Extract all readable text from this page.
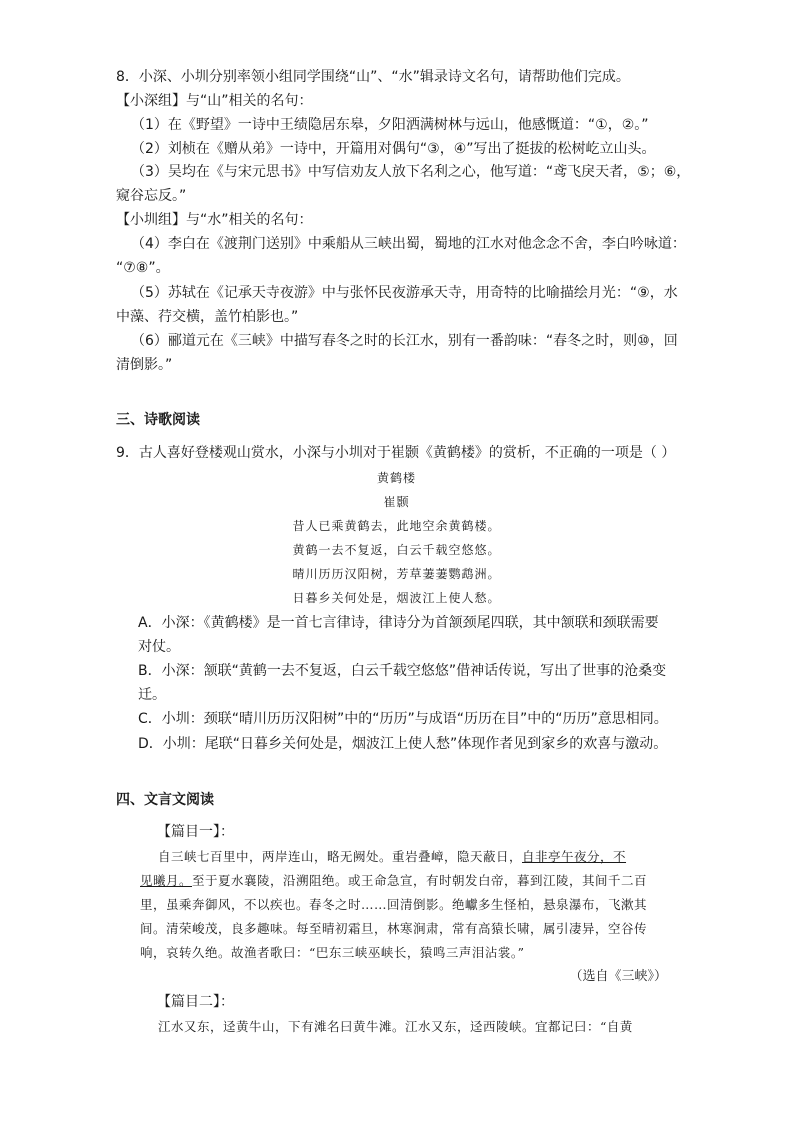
8．小深、小圳分别率领小组同学围绕“山”、“水”辑录诗文名句，请帮助他们完成。
【小深组】与“山”相关的名句：
（1）在《野望》一诗中王绩隐居东皋，夕阳洒满树林与远山，他感慨道：“①，②。”
（2）刘桢在《赠从弟》一诗中，开篇用对偶句“③，④”写出了挺拔的松树屹立山头。
（3）吴均在《与宋元思书》中写信劝友人放下名利之心，他写道：“鸢飞戾天者，⑤；⑥，
窥谷忘反。”
【小圳组】与“水”相关的名句：
（4）李白在《渡荆门送别》中乘船从三峡出蜀，蜀地的江水对他念念不舍，李白吟咏道：
“⑦⑧”。
（5）苏轼在《记承天寺夜游》中与张怀民夜游承天寺，用奇特的比喻描绘月光：“⑨，水
中藻、荇交横，盖竹柏影也。”
（6）郦道元在《三峡》中描写春冬之时的长江水，别有一番韵味：“春冬之时，则⑩，回
清倒影。”
三、诗歌阅读
9．古人喜好登楼观山赏水，小深与小圳对于崔颢《黄鹤楼》的赏析，不正确的一项是（ ）
黄鹤楼
崔颢
昔人已乘黄鹤去，此地空余黄鹤楼。
黄鹤一去不复返，白云千载空悠悠。
晴川历历汉阳树，芳草萋萋鹦鹉洲。
日暮乡关何处是，烟波江上使人愁。
A．小深：《黄鹤楼》是一首七言律诗，律诗分为首颔颈尾四联，其中颔联和颈联需要
对仗。
B．小深：颔联“黄鹤一去不复返，白云千载空悠悠”借神话传说，写出了世事的沧桑变
迁。
C．小圳：颈联“晴川历历汉阳树”中的“历历”与成语“历历在目”中的“历历”意思相同。
D．小圳：尾联“日暮乡关何处是，烟波江上使人愁”体现作者见到家乡的欢喜与激动。
四、文言文阅读
【篇目一】：
自三峡七百里中，两岸连山，略无阙处。重岩叠嶂，隐天蔽日，自非亭午夜分，不
见曦月。至于夏水襄陵，沿溯阻绝。或王命急宣，有时朝发白帝，暮到江陵，其间千二百
里，虽乘奔御风，不以疾也。春冬之时……回清倒影。绝巘多生怪柏，悬泉瀑布，飞漱其
间。清荣峻茂，良多趣味。每至晴初霜旦，林寒涧肃，常有高猿长啸，属引凄异，空谷传
响，哀转久绝。故渔者歌曰：“巴东三峡巫峡长，猿鸣三声泪沾裳。”
（选自《三峡》）
【篇目二】：
江水又东，迳黄牛山，下有滩名曰黄牛滩。江水又东，迳西陵峡。宜都记曰：“自黄
